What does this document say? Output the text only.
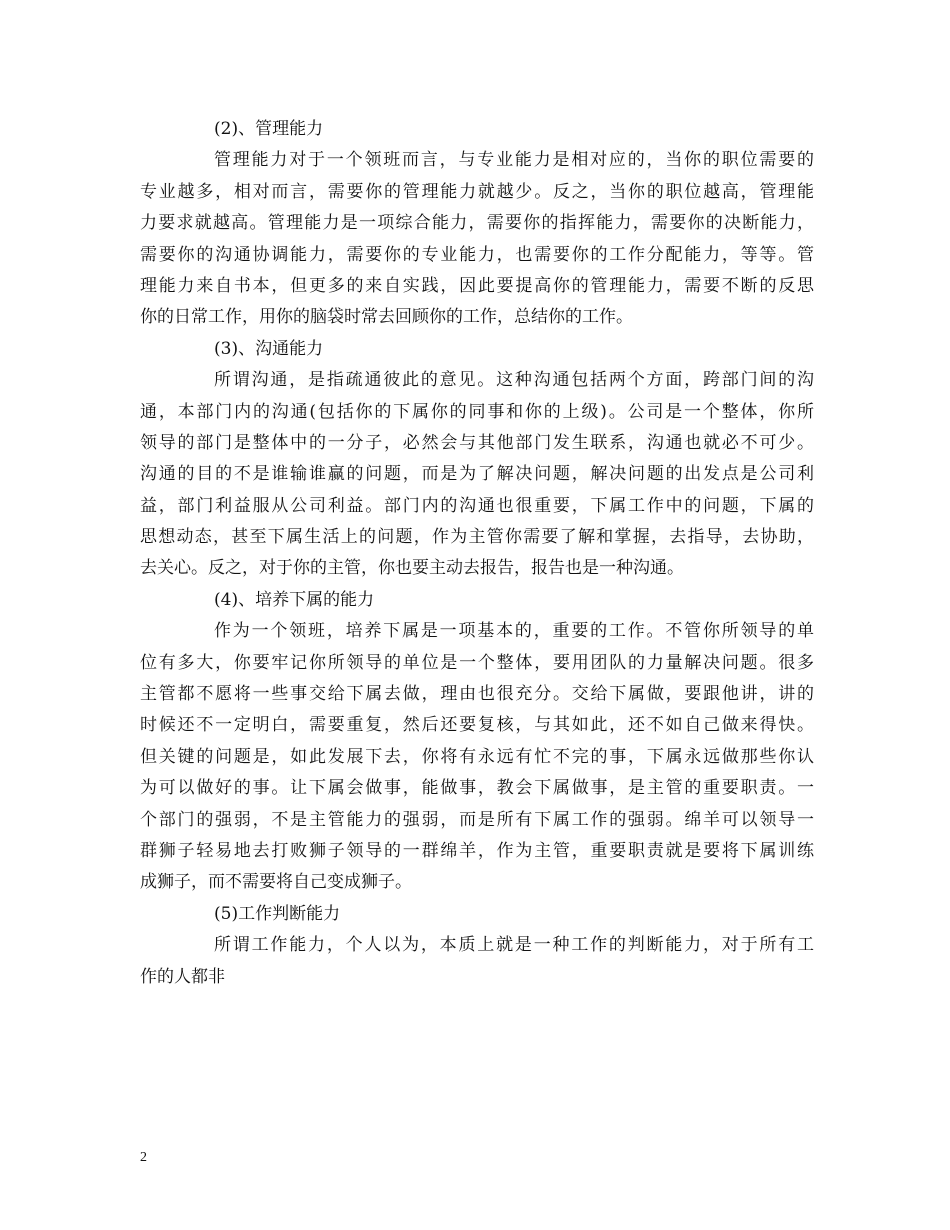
(2)、管理能力
管理能力对于一个领班而言，与专业能力是相对应的，当你的职位需要的
专业越多，相对而言，需要你的管理能力就越少。反之，当你的职位越高，管理能
力要求就越高。管理能力是一项综合能力，需要你的指挥能力，需要你的决断能力，
需要你的沟通协调能力，需要你的专业能力，也需要你的工作分配能力，等等。管
理能力来自书本，但更多的来自实践，因此要提高你的管理能力，需要不断的反思
你的日常工作，用你的脑袋时常去回顾你的工作，总结你的工作。
(3)、沟通能力
所谓沟通，是指疏通彼此的意见。这种沟通包括两个方面，跨部门间的沟
通，本部门内的沟通(包括你的下属你的同事和你的上级)。公司是一个整体，你所
领导的部门是整体中的一分子，必然会与其他部门发生联系，沟通也就必不可少。
沟通的目的不是谁输谁赢的问题，而是为了解决问题，解决问题的出发点是公司利
益，部门利益服从公司利益。部门内的沟通也很重要，下属工作中的问题，下属的
思想动态，甚至下属生活上的问题，作为主管你需要了解和掌握，去指导，去协助，
去关心。反之，对于你的主管，你也要主动去报告，报告也是一种沟通。
(4)、培养下属的能力
作为一个领班，培养下属是一项基本的，重要的工作。不管你所领导的单
位有多大，你要牢记你所领导的单位是一个整体，要用团队的力量解决问题。很多
主管都不愿将一些事交给下属去做，理由也很充分。交给下属做，要跟他讲，讲的
时候还不一定明白，需要重复，然后还要复核，与其如此，还不如自己做来得快。
但关键的问题是，如此发展下去，你将有永远有忙不完的事，下属永远做那些你认
为可以做好的事。让下属会做事，能做事，教会下属做事，是主管的重要职责。一
个部门的强弱，不是主管能力的强弱，而是所有下属工作的强弱。绵羊可以领导一
群狮子轻易地去打败狮子领导的一群绵羊，作为主管，重要职责就是要将下属训练
成狮子，而不需要将自己变成狮子。
(5)工作判断能力
所谓工作能力，个人以为，本质上就是一种工作的判断能力，对于所有工
作的人都非
2
